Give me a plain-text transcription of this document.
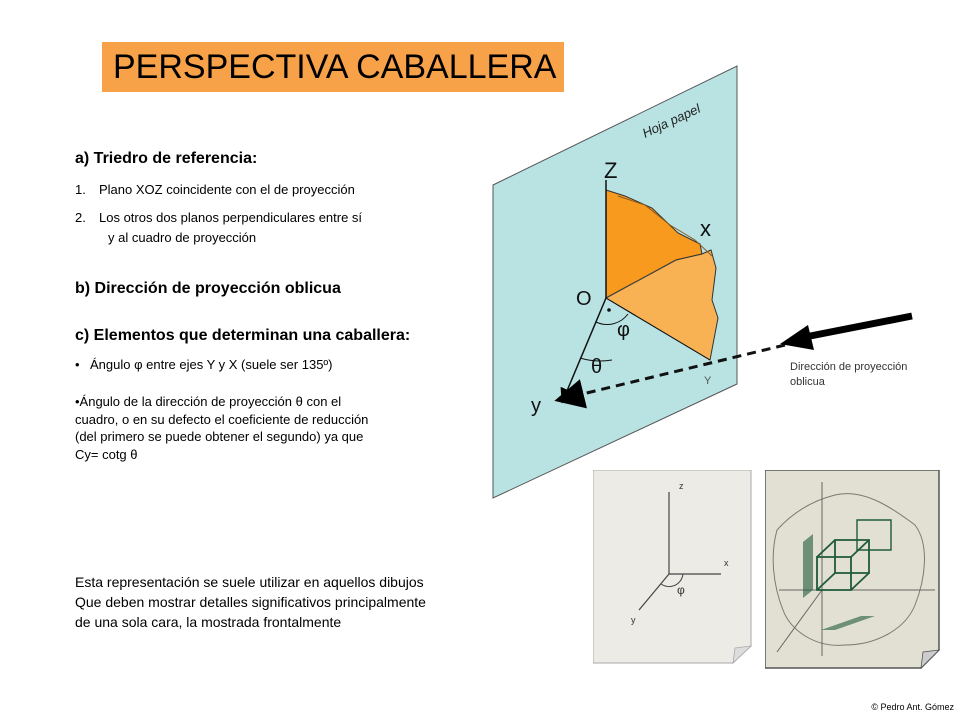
PERSPECTIVA CABALLERA
a) Triedro de referencia:
1. Plano XOZ coincidente con el de proyección
2. Los otros dos planos perpendiculares entre sí
y al cuadro de proyección
b) Dirección de proyección oblicua
c) Elementos que determinan una caballera:
• Ángulo φ entre ejes Y y X (suele ser 135º)
•Ángulo de la dirección de proyección θ con el
cuadro, o en su defecto el coeficiente de reducción
(del primero se puede obtener el segundo) ya que
Cy= cotg θ
Esta representación se suele utilizar en aquellos dibujos
Que deben mostrar detalles significativos principalmente
de una sola cara, la mostrada frontalmente
Hoja papel
Z
x
O
φ
θ
y
Y
Dirección de proyección
oblicua
z
x
y
φ
© Pedro Ant. Gómez
